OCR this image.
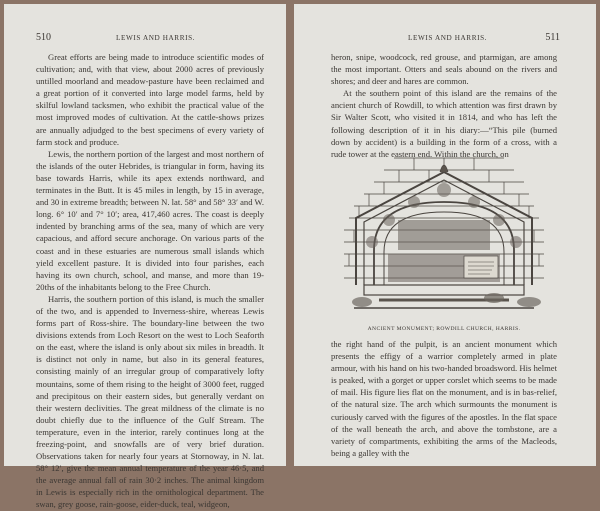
510	LEWIS AND HARRIS.

Great efforts are being made to introduce scientific modes of cultivation; and, with that view, about 2000 acres of previously untilled moorland and meadow-pasture have been reclaimed and a great portion of it converted into large model farms, held by skilful lowland tacksmen, who exhibit the practical value of the most improved modes of cultivation. At the cattle-shows prizes are annually adjudged to the best specimens of every variety of farm stock and produce.

Lewis, the northern portion of the largest and most northern of the islands of the outer Hebrides, is triangular in form, having its base towards Harris, while its apex extends northward, and terminates in the Butt. It is 45 miles in length, by 15 in average, and 30 in extreme breadth; between N. lat. 58° and 58° 33′ and W. long. 6° 10′ and 7° 10′; area, 417,460 acres. The coast is deeply indented by branching arms of the sea, many of which are very capacious, and afford secure anchorage. On various parts of the coast and in these estuaries are numerous small islands which yield excellent pasture. It is divided into four parishes, each having its own church, school, and manse, and more than 19-20ths of the inhabitants belong to the Free Church.

Harris, the southern portion of this island, is much the smaller of the two, and is appended to Inverness-shire, whereas Lewis forms part of Ross-shire. The boundary-line between the two divisions extends from Loch Resort on the west to Loch Seaforth on the east, where the island is only about six miles in breadth. It is distinct not only in name, but also in its general features, consisting mainly of an irregular group of comparatively lofty mountains, some of them rising to the height of 3000 feet, rugged and precipitous on their eastern sides, but generally verdant on their western declivities. The great mildness of the climate is no doubt chiefly due to the influence of the Gulf Stream. The temperature, even in the interior, rarely continues long at the freezing-point, and snowfalls are of very brief duration. Observations taken for nearly four years at Stornoway, in N. lat. 58° 12′, give the mean annual temperature of the year 46·5, and the average annual fall of rain 30·2 inches. The animal kingdom in Lewis is especially rich in the ornithological department. The swan, grey goose, rain-goose, eider-duck, teal, widgeon,

LEWIS AND HARRIS.	511

heron, snipe, woodcock, red grouse, and ptarmigan, are among the most important. Otters and seals abound on the rivers and shores; and deer and hares are common.

At the southern point of this island are the remains of the ancient church of Rowdill, to which attention was first drawn by Sir Walter Scott, who visited it in 1814, and who has left the following description of it in his diary:—“This pile (burned down by accident) is a building in the form of a cross, with a rude tower at the eastern end. Within the church, on

ANCIENT MONUMENT; ROWDILL CHURCH, HARRIS.

the right hand of the pulpit, is an ancient monument which presents the effigy of a warrior completely armed in plate armour, with his hand on his two-handed broadsword. His helmet is peaked, with a gorget or upper corslet which seems to be made of mail. His figure lies flat on the monument, and is in bas-relief, of the natural size. The arch which surmounts the monument is curiously carved with the figures of the apostles. In the flat space of the wall beneath the arch, and above the tombstone, are a variety of compartments, exhibiting the arms of the Macleods, being a galley with the
